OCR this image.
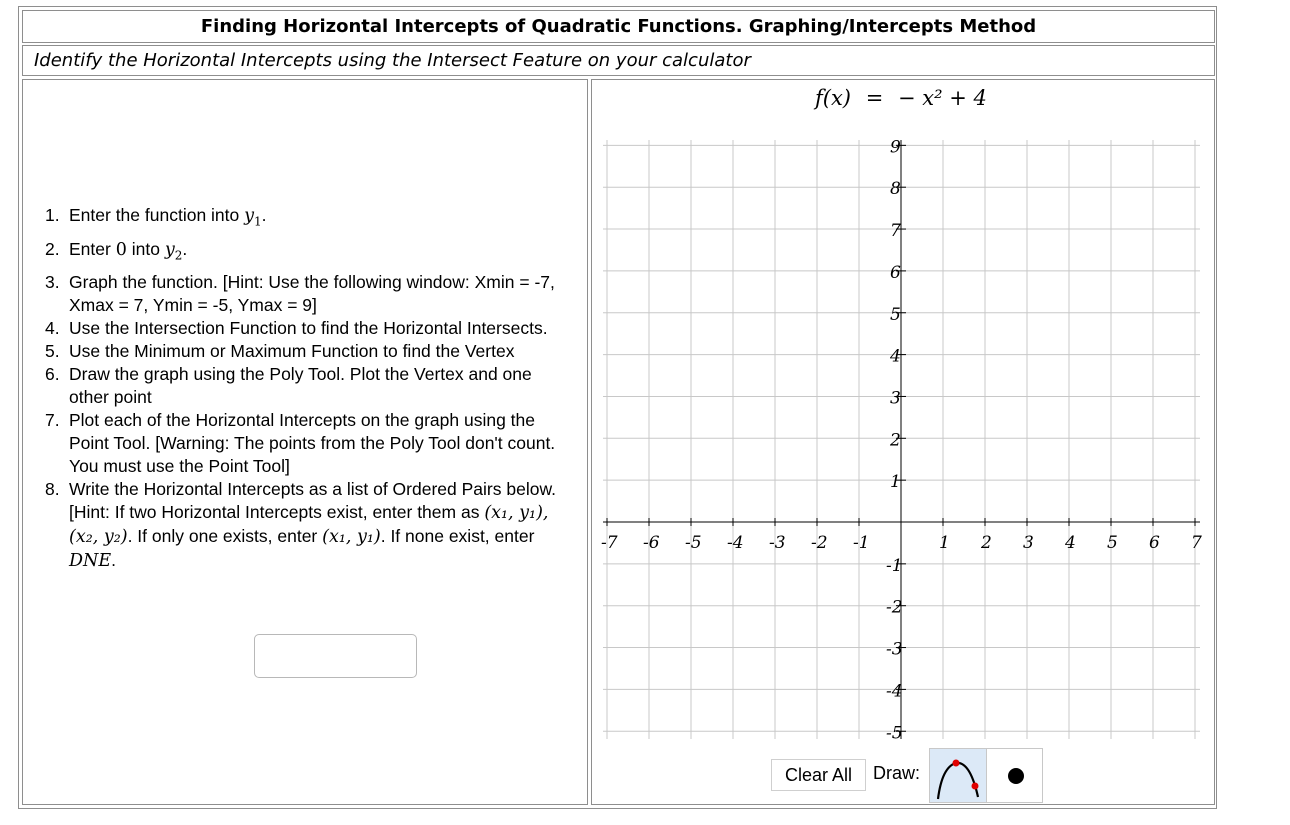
Finding Horizontal Intercepts of Quadratic Functions. Graphing/Intercepts Method
Identify the Horizontal Intercepts using the Intersect Feature on your calculator
1. Enter the function into $y_1$.
2. Enter 0 into $y_2$.
3. Graph the function. [Hint: Use the following window: Xmin = -7, Xmax = 7, Ymin = -5, Ymax = 9]
4. Use the Intersection Function to find the Horizontal Intersects.
5. Use the Minimum or Maximum Function to find the Vertex
6. Draw the graph using the Poly Tool. Plot the Vertex and one other point
7. Plot each of the Horizontal Intercepts on the graph using the Point Tool. [Warning: The points from the Poly Tool don't count. You must use the Point Tool]
8. Write the Horizontal Intercepts as a list of Ordered Pairs below. [Hint: If two Horizontal Intercepts exist, enter them as (x₁, y₁), (x₂, y₂). If only one exists, enter (x₁, y₁). If none exist, enter DNE.
f(x) = − x² + 4
-7 -6 -5 -4 -3 -2 -1	1 2 3 4 5 6 7
9
8
7
6
5
4
3
2
1
-1
-2
-3
-4
-5
Clear All	Draw:
